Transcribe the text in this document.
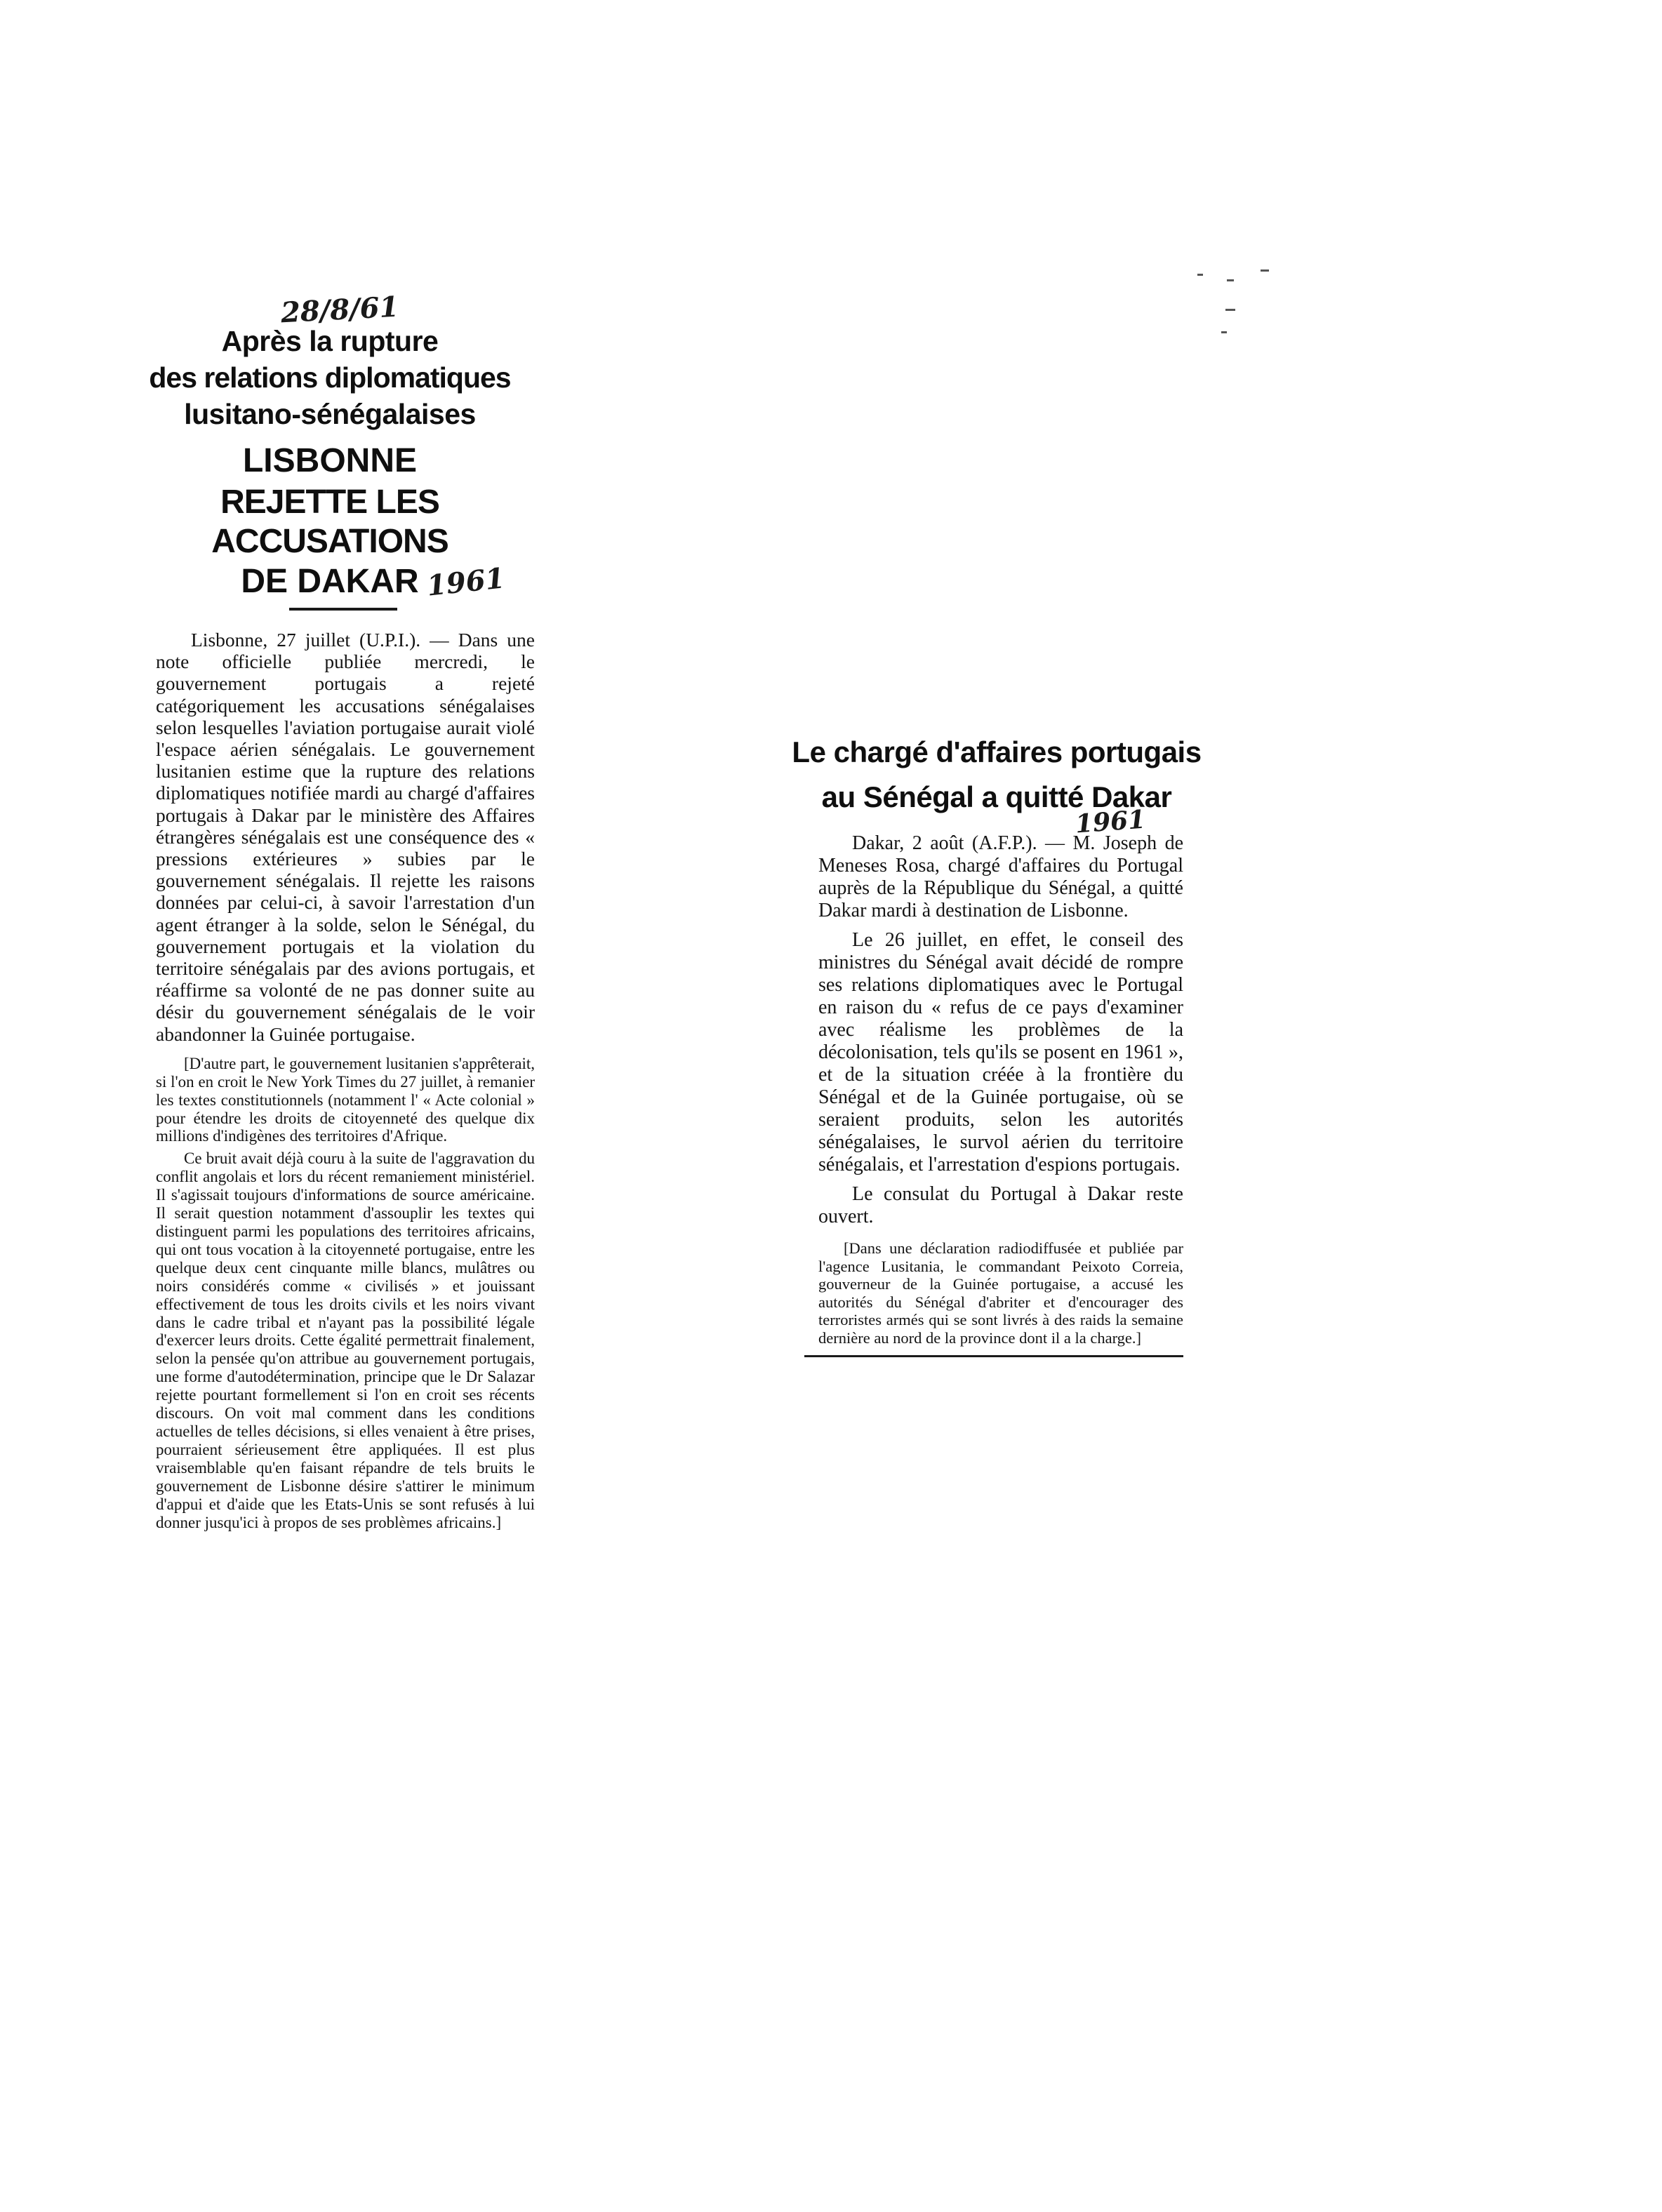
28/8/61
Après la rupture
des relations diplomatiques
lusitano-sénégalaises
LISBONNE
REJETTE LES ACCUSATIONS
DE DAKAR 1961

Lisbonne, 27 juillet (U.P.I.). — Dans une note officielle publiée mercredi, le gouvernement portugais a rejeté catégoriquement les accusations sénégalaises selon lesquelles l'aviation portugaise aurait violé l'espace aérien sénégalais. Le gouvernement lusitanien estime que la rupture des relations diplomatiques notifiée mardi au chargé d'affaires portugais à Dakar par le ministère des Affaires étrangères sénégalais est une conséquence des « pressions extérieures » subies par le gouvernement sénégalais. Il rejette les raisons données par celui-ci, à savoir l'arrestation d'un agent étranger à la solde, selon le Sénégal, du gouvernement portugais et la violation du territoire sénégalais par des avions portugais, et réaffirme sa volonté de ne pas donner suite au désir du gouvernement sénégalais de le voir abandonner la Guinée portugaise.

[D'autre part, le gouvernement lusitanien s'apprêterait, si l'on en croit le New York Times du 27 juillet, à remanier les textes constitutionnels (notamment l' « Acte colonial » pour étendre les droits de citoyenneté des quelque dix millions d'indigènes des territoires d'Afrique.

Ce bruit avait déjà couru à la suite de l'aggravation du conflit angolais et lors du récent remaniement ministériel. Il s'agissait toujours d'informations de source américaine. Il serait question notamment d'assouplir les textes qui distinguent parmi les populations des territoires africains, qui ont tous vocation à la citoyenneté portugaise, entre les quelque deux cent cinquante mille blancs, mulâtres ou noirs considérés comme « civilisés » et jouissant effectivement de tous les droits civils et les noirs vivant dans le cadre tribal et n'ayant pas la possibilité légale d'exercer leurs droits. Cette égalité permettrait finalement, selon la pensée qu'on attribue au gouvernement portugais, une forme d'autodétermination, principe que le Dr Salazar rejette pourtant formellement si l'on en croit ses récents discours. On voit mal comment dans les conditions actuelles de telles décisions, si elles venaient à être prises, pourraient sérieusement être appliquées. Il est plus vraisemblable qu'en faisant répandre de tels bruits le gouvernement de Lisbonne désire s'attirer le minimum d'appui et d'aide que les Etats-Unis se sont refusés à lui donner jusqu'ici à propos de ses problèmes africains.]

Le chargé d'affaires portugais
au Sénégal a quitté Dakar
1961

Dakar, 2 août (A.F.P.). — M. Joseph de Meneses Rosa, chargé d'affaires du Portugal auprès de la République du Sénégal, a quitté Dakar mardi à destination de Lisbonne.

Le 26 juillet, en effet, le conseil des ministres du Sénégal avait décidé de rompre ses relations diplomatiques avec le Portugal en raison du « refus de ce pays d'examiner avec réalisme les problèmes de la décolonisation, tels qu'ils se posent en 1961 », et de la situation créée à la frontière du Sénégal et de la Guinée portugaise, où se seraient produits, selon les autorités sénégalaises, le survol aérien du territoire sénégalais, et l'arrestation d'espions portugais.

Le consulat du Portugal à Dakar reste ouvert.

[Dans une déclaration radiodiffusée et publiée par l'agence Lusitania, le commandant Peixoto Correia, gouverneur de la Guinée portugaise, a accusé les autorités du Sénégal d'abriter et d'encourager des terroristes armés qui se sont livrés à des raids la semaine dernière au nord de la province dont il a la charge.]
